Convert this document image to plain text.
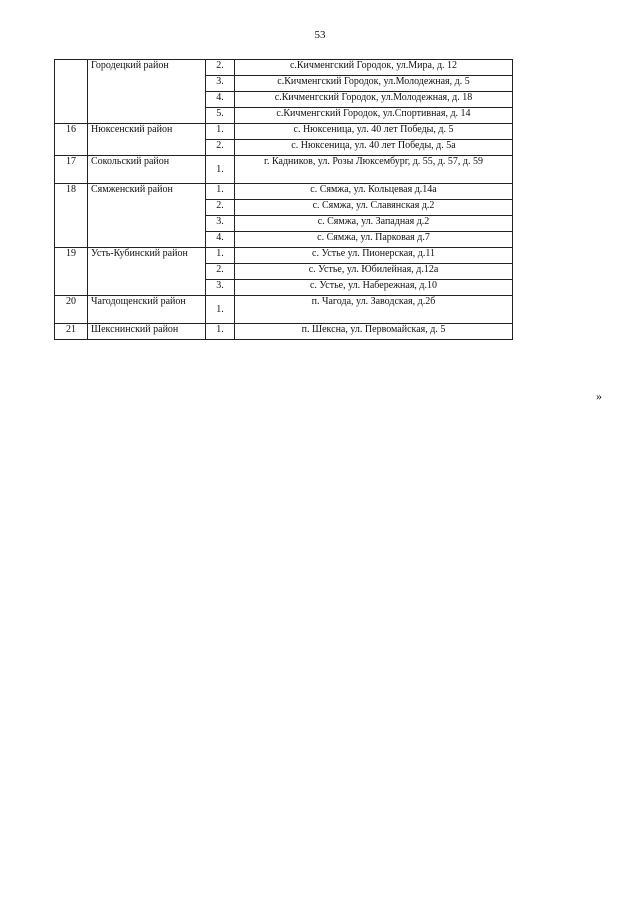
53
	Городецкий район	2.	с.Кичменгский Городок, ул.Мира, д. 12
		3.	с.Кичменгский Городок, ул.Молодежная, д. 5
		4.	с.Кичменгский Городок, ул.Молодежная, д. 18
		5.	с.Кичменгский Городок, ул.Спортивная, д. 14
16	Нюксенский район	1.	с. Нюксеница, ул. 40 лет Победы, д. 5
		2.	с. Нюксеница, ул. 40 лет Победы, д. 5а
17	Сокольский район	1.	г. Кадников, ул. Розы Люксембург, д. 55, д. 57, д. 59
18	Сямженский район	1.	с. Сямжа, ул. Кольцевая д.14а
		2.	с. Сямжа, ул. Славянская д.2
		3.	с. Сямжа, ул. Западная д.2
		4.	с. Сямжа, ул. Парковая д.7
19	Усть-Кубинский район	1.	с. Устье ул. Пионерская, д.11
		2.	с. Устье, ул. Юбилейная, д.12а
		3.	с. Устье, ул. Набережная, д.10
20	Чагодощенский район	1.	п. Чагода, ул. Заводская, д.2б
21	Шекснинский район	1.	п. Шексна, ул. Первомайская, д. 5
»
